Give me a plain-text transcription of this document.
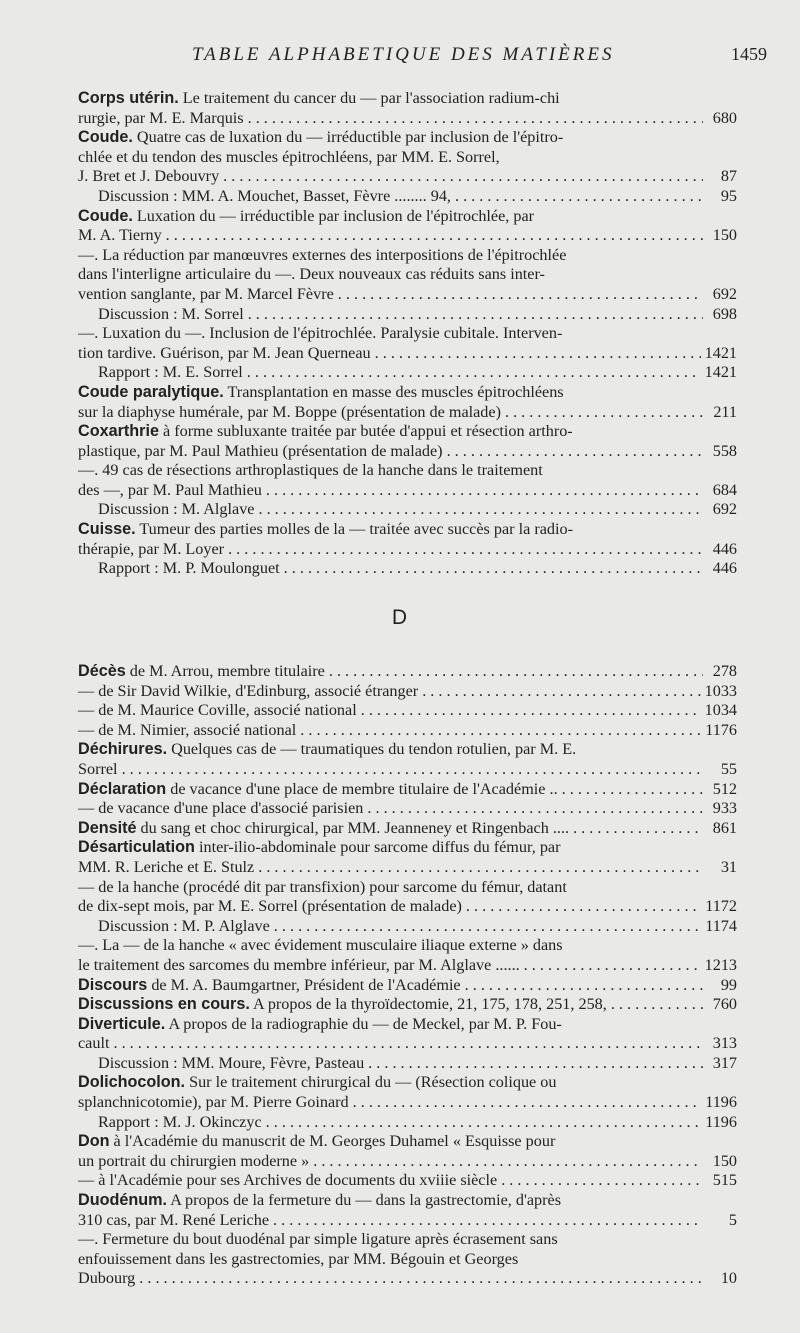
TABLE ALPHABETIQUE DES MATIÈRES	1459
Corps utérin. Le traitement du cancer du — par l'association radium-chi
rurgie, par M. E. Marquis . . .	680
Coude. Quatre cas de luxation du — irréductible par inclusion de l'épitro-
chlée et du tendon des muscles épitrochléens, par MM. E. Sorrel,
J. Bret et J. Debouvry . . .	87
Discussion : MM. A. Mouchet, Basset, Fèvre ........ 94, . . .	95
Coude. Luxation du — irréductible par inclusion de l'épitrochlée, par
M. A. Tierny . . .	150
—. La réduction par manœuvres externes des interpositions de l'épitrochlée
dans l'interligne articulaire du —. Deux nouveaux cas réduits sans inter-
vention sanglante, par M. Marcel Fèvre . . .	692
Discussion : M. Sorrel . . .	698
—. Luxation du —. Inclusion de l'épitrochlée. Paralysie cubitale. Interven-
tion tardive. Guérison, par M. Jean Querneau . . .	1421
Rapport : M. E. Sorrel . . .	1421
Coude paralytique. Transplantation en masse des muscles épitrochléens
sur la diaphyse humérale, par M. Boppe (présentation de malade) . . .	211
Coxarthrie à forme subluxante traitée par butée d'appui et résection arthro-
plastique, par M. Paul Mathieu (présentation de malade) . . .	558
—. 49 cas de résections arthroplastiques de la hanche dans le traitement
des —, par M. Paul Mathieu . . .	684
Discussion : M. Alglave . . .	692
Cuisse. Tumeur des parties molles de la — traitée avec succès par la radio-
thérapie, par M. Loyer . . .	446
Rapport : M. P. Moulonguet . . .	446
D
Décès de M. Arrou, membre titulaire . . .	278
— de Sir David Wilkie, d'Edinburg, associé étranger . . .	1033
— de M. Maurice Coville, associé national . . .	1034
— de M. Nimier, associé national . . .	1176
Déchirures. Quelques cas de — traumatiques du tendon rotulien, par M. E.
Sorrel . . .	55
Déclaration de vacance d'une place de membre titulaire de l'Académie .. . . .	512
— de vacance d'une place d'associé parisien . . .	933
Densité du sang et choc chirurgical, par MM. Jeanneney et Ringenbach .... . . .	861
Désarticulation inter-ilio-abdominale pour sarcome diffus du fémur, par
MM. R. Leriche et E. Stulz . . .	31
— de la hanche (procédé dit par transfixion) pour sarcome du fémur, datant
de dix-sept mois, par M. E. Sorrel (présentation de malade) . . .	1172
Discussion : M. P. Alglave . . .	1174
—. La — de la hanche « avec évidement musculaire iliaque externe » dans
le traitement des sarcomes du membre inférieur, par M. Alglave ...... . . .	1213
Discours de M. A. Baumgartner, Président de l'Académie . . .	99
Discussions en cours. A propos de la thyroïdectomie, 21, 175, 178, 251, 258, . . .	760
Diverticule. A propos de la radiographie du — de Meckel, par M. P. Fou-
cault . . .	313
Discussion : MM. Moure, Fèvre, Pasteau . . .	317
Dolichocolon. Sur le traitement chirurgical du — (Résection colique ou
splanchnicotomie), par M. Pierre Goinard . . .	1196
Rapport : M. J. Okinczyc . . .	1196
Don à l'Académie du manuscrit de M. Georges Duhamel « Esquisse pour
un portrait du chirurgien moderne » . . .	150
— à l'Académie pour ses Archives de documents du xviiie siècle . . .	515
Duodénum. A propos de la fermeture du — dans la gastrectomie, d'après
310 cas, par M. René Leriche . . .	5
—. Fermeture du bout duodénal par simple ligature après écrasement sans
enfouissement dans les gastrectomies, par MM. Bégouin et Georges
Dubourg . . .	10
